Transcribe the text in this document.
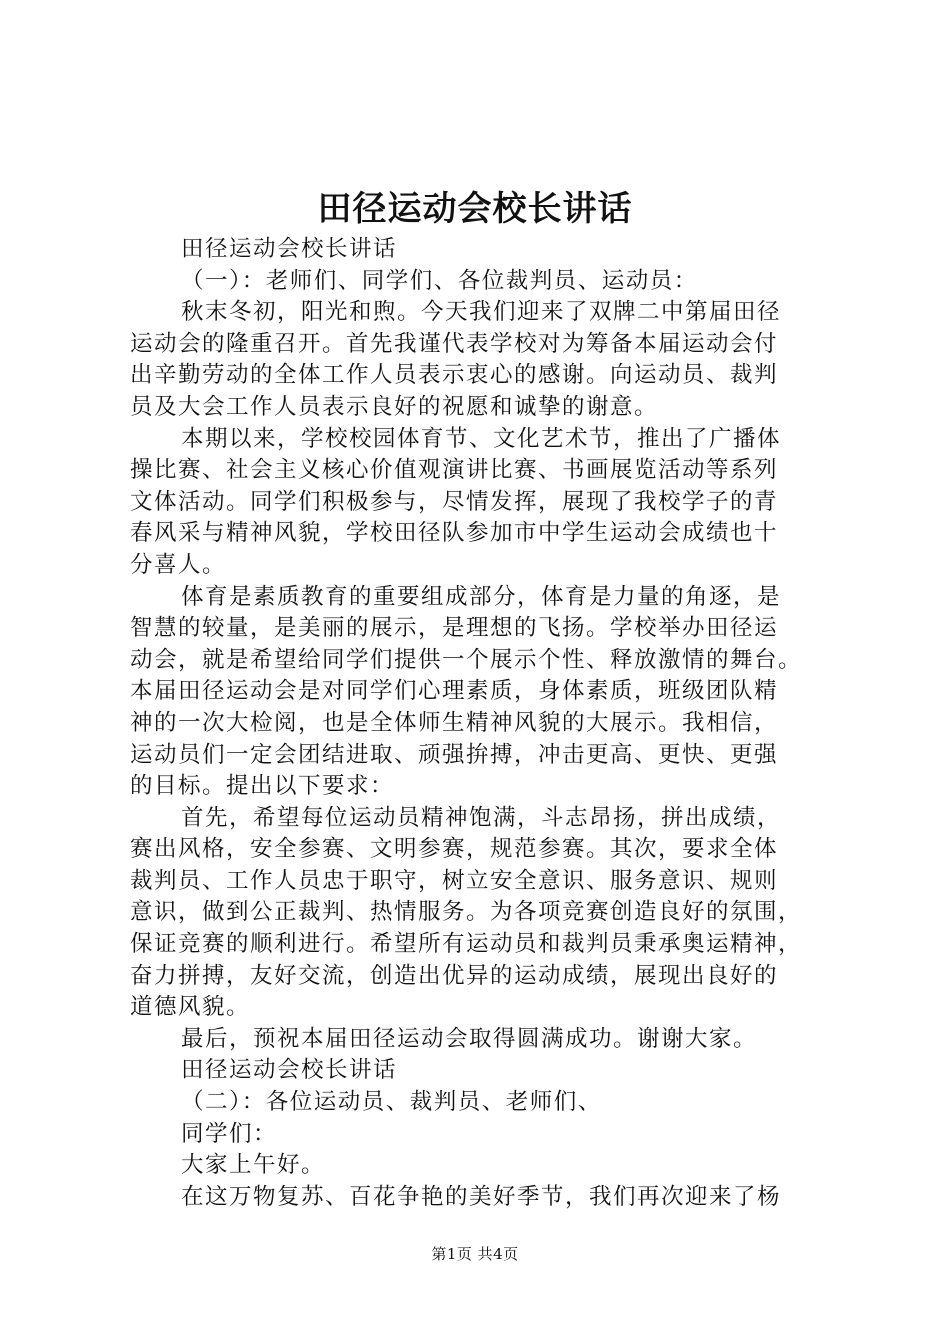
田径运动会校长讲话
田径运动会校长讲话
（一）：老师们、同学们、各位裁判员、运动员：
秋末冬初，阳光和煦。今天我们迎来了双牌二中第届田径
运动会的隆重召开。首先我谨代表学校对为筹备本届运动会付
出辛勤劳动的全体工作人员表示衷心的感谢。向运动员、裁判
员及大会工作人员表示良好的祝愿和诚挚的谢意。
本期以来，学校校园体育节、文化艺术节，推出了广播体
操比赛、社会主义核心价值观演讲比赛、书画展览活动等系列
文体活动。同学们积极参与，尽情发挥，展现了我校学子的青
春风采与精神风貌，学校田径队参加市中学生运动会成绩也十
分喜人。
体育是素质教育的重要组成部分，体育是力量的角逐，是
智慧的较量，是美丽的展示，是理想的飞扬。学校举办田径运
动会，就是希望给同学们提供一个展示个性、释放激情的舞台。
本届田径运动会是对同学们心理素质，身体素质，班级团队精
神的一次大检阅，也是全体师生精神风貌的大展示。我相信，
运动员们一定会团结进取、顽强拚搏，冲击更高、更快、更强
的目标。提出以下要求：
首先，希望每位运动员精神饱满，斗志昂扬，拼出成绩，
赛出风格，安全参赛、文明参赛，规范参赛。其次，要求全体
裁判员、工作人员忠于职守，树立安全意识、服务意识、规则
意识，做到公正裁判、热情服务。为各项竞赛创造良好的氛围，
保证竞赛的顺利进行。希望所有运动员和裁判员秉承奥运精神，
奋力拼搏，友好交流，创造出优异的运动成绩，展现出良好的
道德风貌。
最后，预祝本届田径运动会取得圆满成功。谢谢大家。
田径运动会校长讲话
（二）：各位运动员、裁判员、老师们、
同学们：
大家上午好。
在这万物复苏、百花争艳的美好季节，我们再次迎来了杨
第1页 共4页
